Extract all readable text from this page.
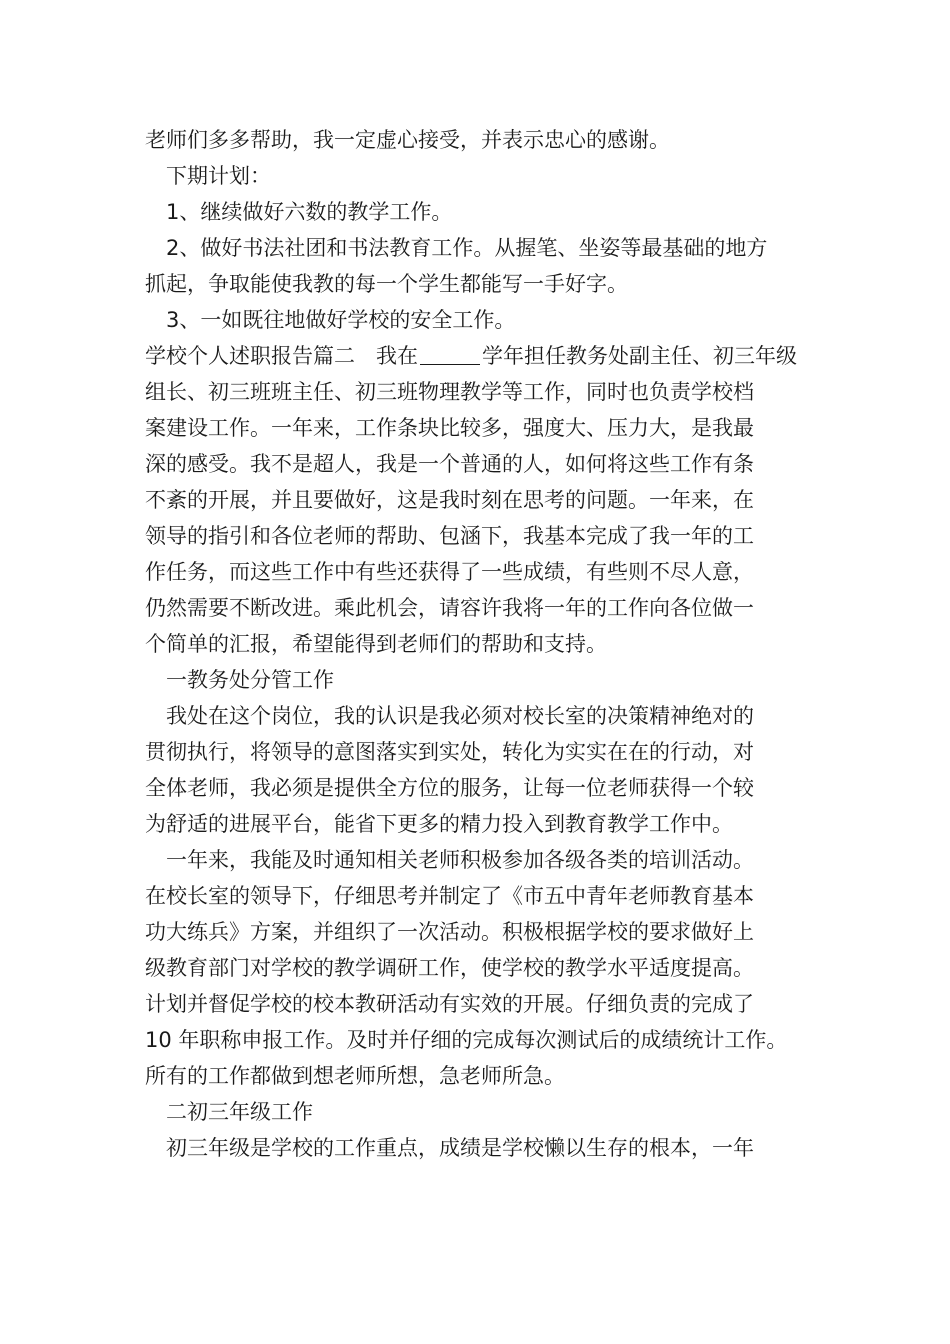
老师们多多帮助，我一定虚心接受，并表示忠心的感谢。
下期计划：
1、继续做好六数的教学工作。
2、做好书法社团和书法教育工作。从握笔、坐姿等最基础的地方
抓起，争取能使我教的每一个学生都能写一手好字。
3、一如既往地做好学校的安全工作。
学校个人述职报告篇二　我在	学年担任教务处副主任、初三年级
组长、初三班班主任、初三班物理教学等工作，同时也负责学校档
案建设工作。一年来，工作条块比较多，强度大、压力大，是我最
深的感受。我不是超人，我是一个普通的人，如何将这些工作有条
不紊的开展，并且要做好，这是我时刻在思考的问题。一年来，在
领导的指引和各位老师的帮助、包涵下，我基本完成了我一年的工
作任务，而这些工作中有些还获得了一些成绩，有些则不尽人意，
仍然需要不断改进。乘此机会，请容许我将一年的工作向各位做一
个简单的汇报，希望能得到老师们的帮助和支持。
一教务处分管工作
我处在这个岗位，我的认识是我必须对校长室的决策精神绝对的
贯彻执行，将领导的意图落实到实处，转化为实实在在的行动，对
全体老师，我必须是提供全方位的服务，让每一位老师获得一个较
为舒适的进展平台，能省下更多的精力投入到教育教学工作中。
一年来，我能及时通知相关老师积极参加各级各类的培训活动。
在校长室的领导下，仔细思考并制定了《市五中青年老师教育基本
功大练兵》方案，并组织了一次活动。积极根据学校的要求做好上
级教育部门对学校的教学调研工作，使学校的教学水平适度提高。
计划并督促学校的校本教研活动有实效的开展。仔细负责的完成了
10 年职称申报工作。及时并仔细的完成每次测试后的成绩统计工作。
所有的工作都做到想老师所想，急老师所急。
二初三年级工作
初三年级是学校的工作重点，成绩是学校懒以生存的根本，一年
